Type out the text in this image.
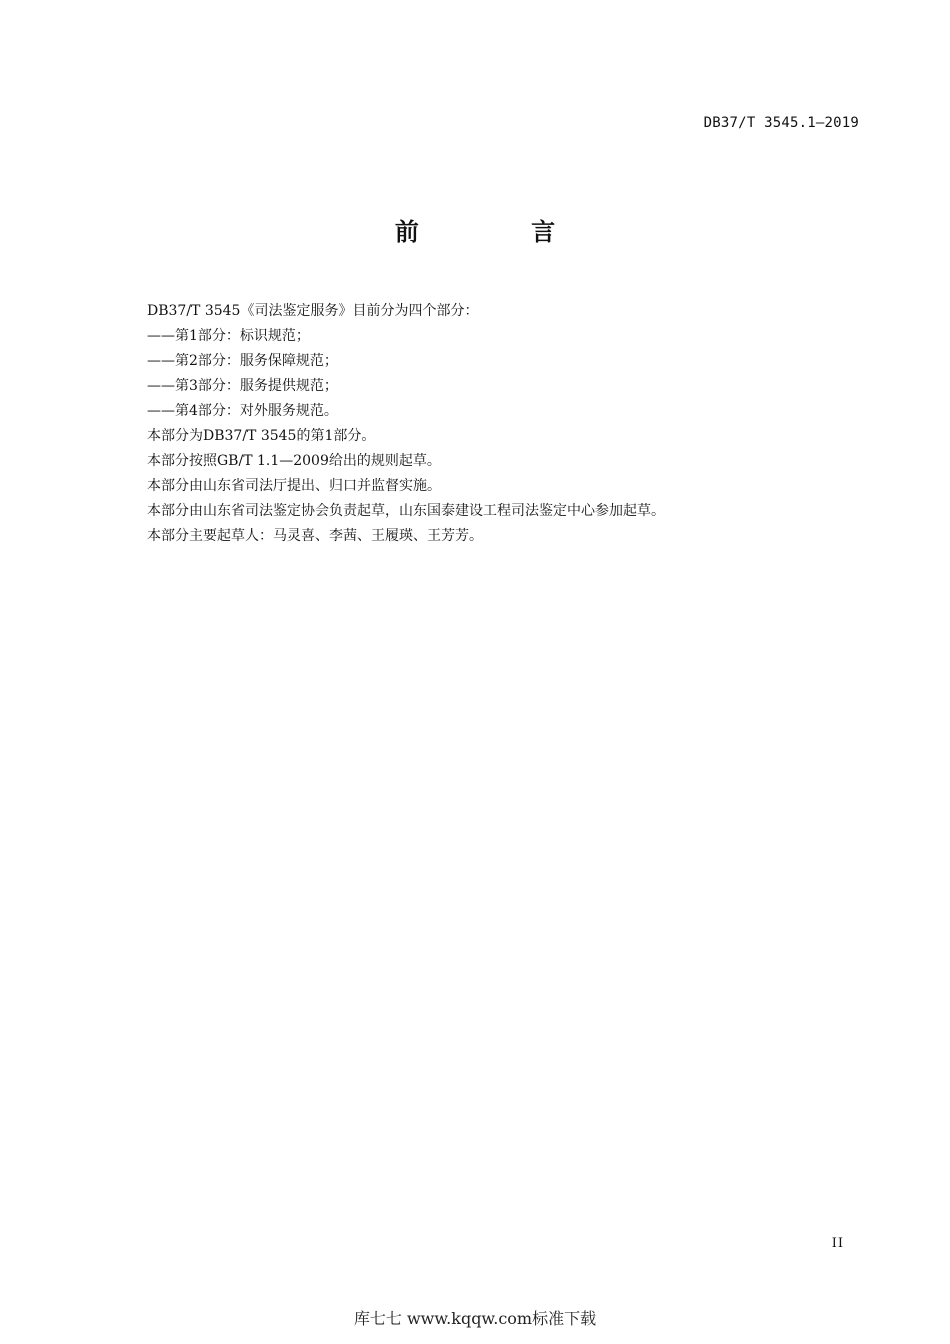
DB37/T 3545.1—2019
前 言
DB37/T 3545《司法鉴定服务》目前分为四个部分：
——第1部分：标识规范；
——第2部分：服务保障规范；
——第3部分：服务提供规范；
——第4部分：对外服务规范。
本部分为DB37/T 3545的第1部分。
本部分按照GB/T 1.1—2009给出的规则起草。
本部分由山东省司法厅提出、归口并监督实施。
本部分由山东省司法鉴定协会负责起草，山东国泰建设工程司法鉴定中心参加起草。
本部分主要起草人：马灵喜、李茜、王履瑛、王芳芳。
II
库七七 www.kqqw.com标准下载
